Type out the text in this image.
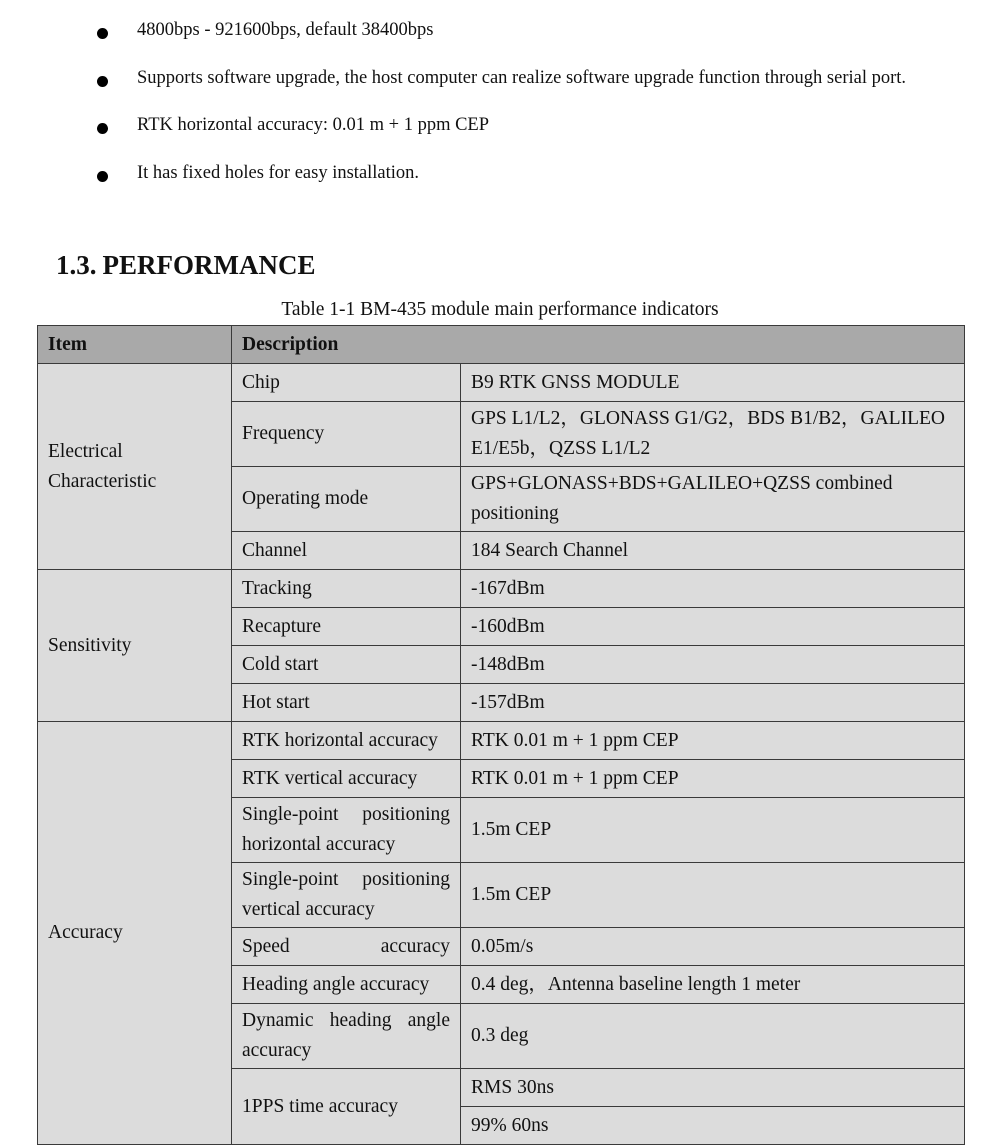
4800bps - 921600bps, default 38400bps
Supports software upgrade, the host computer can realize software upgrade function through serial port.
RTK horizontal accuracy: 0.01 m + 1 ppm CEP
It has fixed holes for easy installation.
1.3. PERFORMANCE
Table 1-1 BM-435 module main performance indicators
Item	Description	
Electrical Characteristic	Chip	B9 RTK GNSS MODULE
	Frequency	GPS L1/L2，GLONASS G1/G2，BDS B1/B2，GALILEO E1/E5b，QZSS L1/L2
	Operating mode	GPS+GLONASS+BDS+GALILEO+QZSS combined positioning
	Channel	184 Search Channel
Sensitivity	Tracking	-167dBm
	Recapture	-160dBm
	Cold start	-148dBm
	Hot start	-157dBm
Accuracy	RTK horizontal accuracy	RTK 0.01 m + 1 ppm CEP
	RTK vertical accuracy	RTK 0.01 m + 1 ppm CEP
	Single-point positioning horizontal accuracy	1.5m CEP
	Single-point positioning vertical accuracy	1.5m CEP
	Speed accuracy	0.05m/s
	Heading angle accuracy	0.4 deg，Antenna baseline length 1 meter
	Dynamic heading angle accuracy	0.3 deg
	1PPS time accuracy	RMS 30ns
		99% 60ns
